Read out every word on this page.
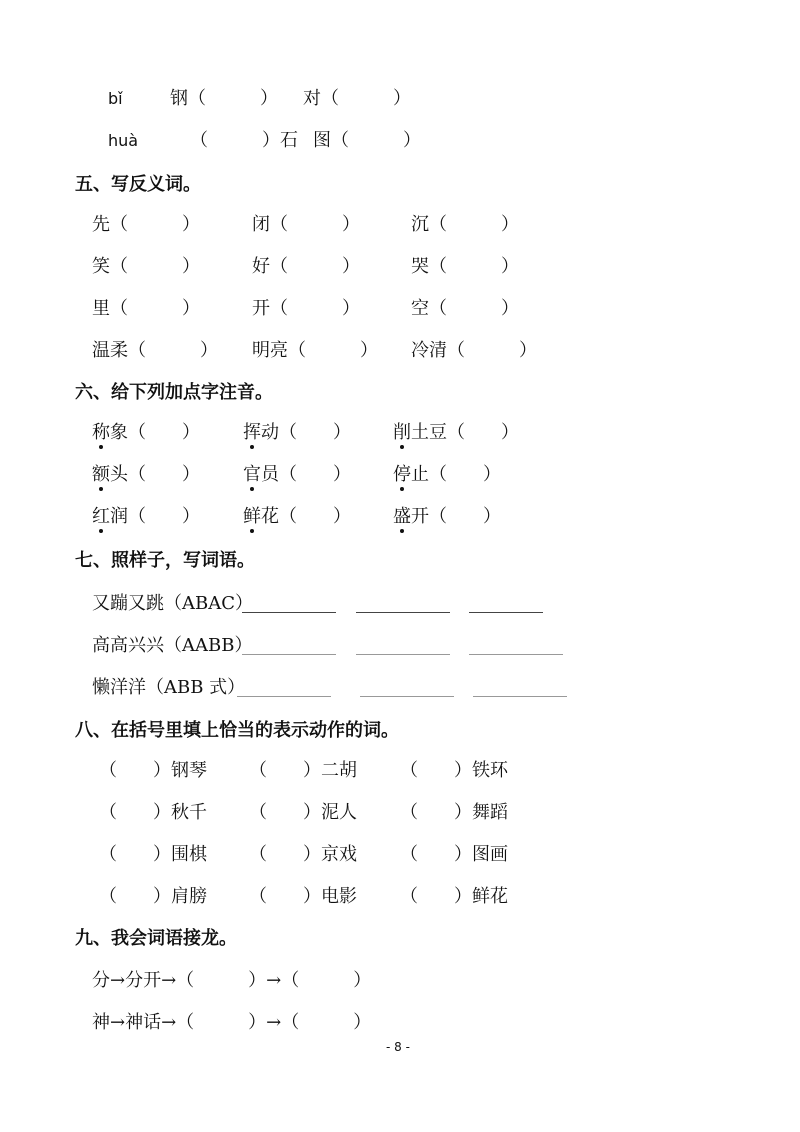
bǐ	钢（　　　） 对（　　　）
huà	（　　　）石 图（　　　）
五、写反义词。
先（　　　）	闭（　　　）	沉（　　　）
笑（　　　）	好（　　　）	哭（　　　）
里（　　　）	开（　　　）	空（　　　）
温柔（　　　） 明亮（　　　） 冷清（　　　）
六、给下列加点字注音。
称象（　　） 挥动（　　） 削土豆（　　）
额头（　　） 官员（　　） 停止（　　）
红润（　　） 鲜花（　　） 盛开（　　）
七、照样子，写词语。
又蹦又跳（ABAC）
高高兴兴（AABB）
懒洋洋（ABB 式）
八、在括号里填上恰当的表示动作的词。
（　　）钢琴 （　　）二胡 （　　）铁环
（　　）秋千 （　　）泥人 （　　）舞蹈
（　　）围棋 （　　）京戏 （　　）图画
（　　）肩膀 （　　）电影 （　　）鲜花
九、我会词语接龙。
分→分开→（　　　）→（　　　）
神→神话→（　　　）→（　　　）
- 8 -
